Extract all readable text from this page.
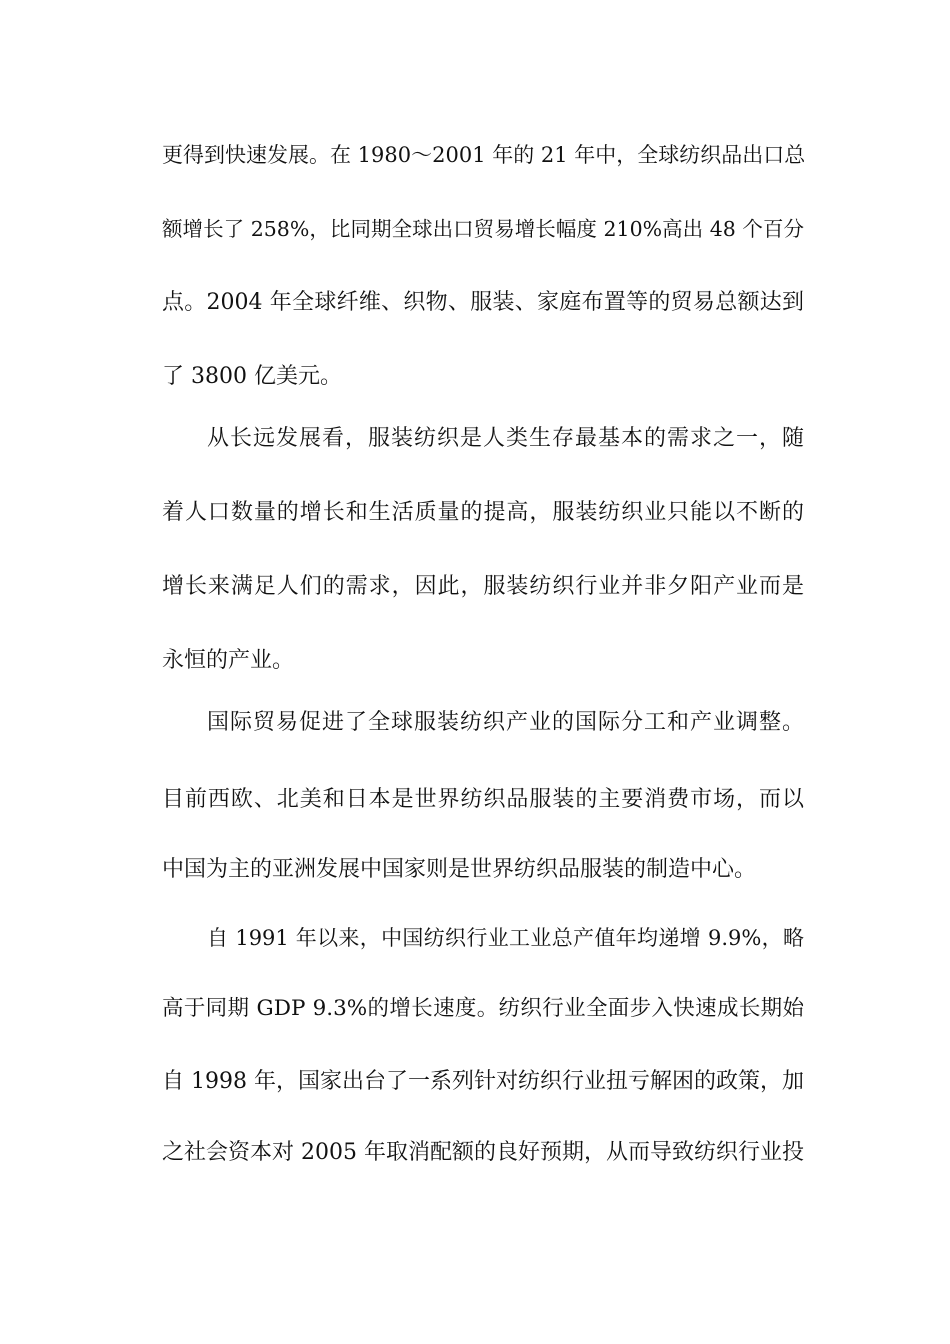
更得到快速发展。在 1980～2001 年的 21 年中，全球纺织品出口总
额增长了 258%，比同期全球出口贸易增长幅度 210%高出 48 个百分
点。2004 年全球纤维、织物、服装、家庭布置等的贸易总额达到
了 3800 亿美元。
从长远发展看，服装纺织是人类生存最基本的需求之一，随
着人口数量的增长和生活质量的提高，服装纺织业只能以不断的
增长来满足人们的需求，因此，服装纺织行业并非夕阳产业而是
永恒的产业。
国际贸易促进了全球服装纺织产业的国际分工和产业调整。
目前西欧、北美和日本是世界纺织品服装的主要消费市场，而以
中国为主的亚洲发展中国家则是世界纺织品服装的制造中心。
自 1991 年以来，中国纺织行业工业总产值年均递增 9.9%，略
高于同期 GDP 9.3%的增长速度。纺织行业全面步入快速成长期始
自 1998 年，国家出台了一系列针对纺织行业扭亏解困的政策，加
之社会资本对 2005 年取消配额的良好预期，从而导致纺织行业投
